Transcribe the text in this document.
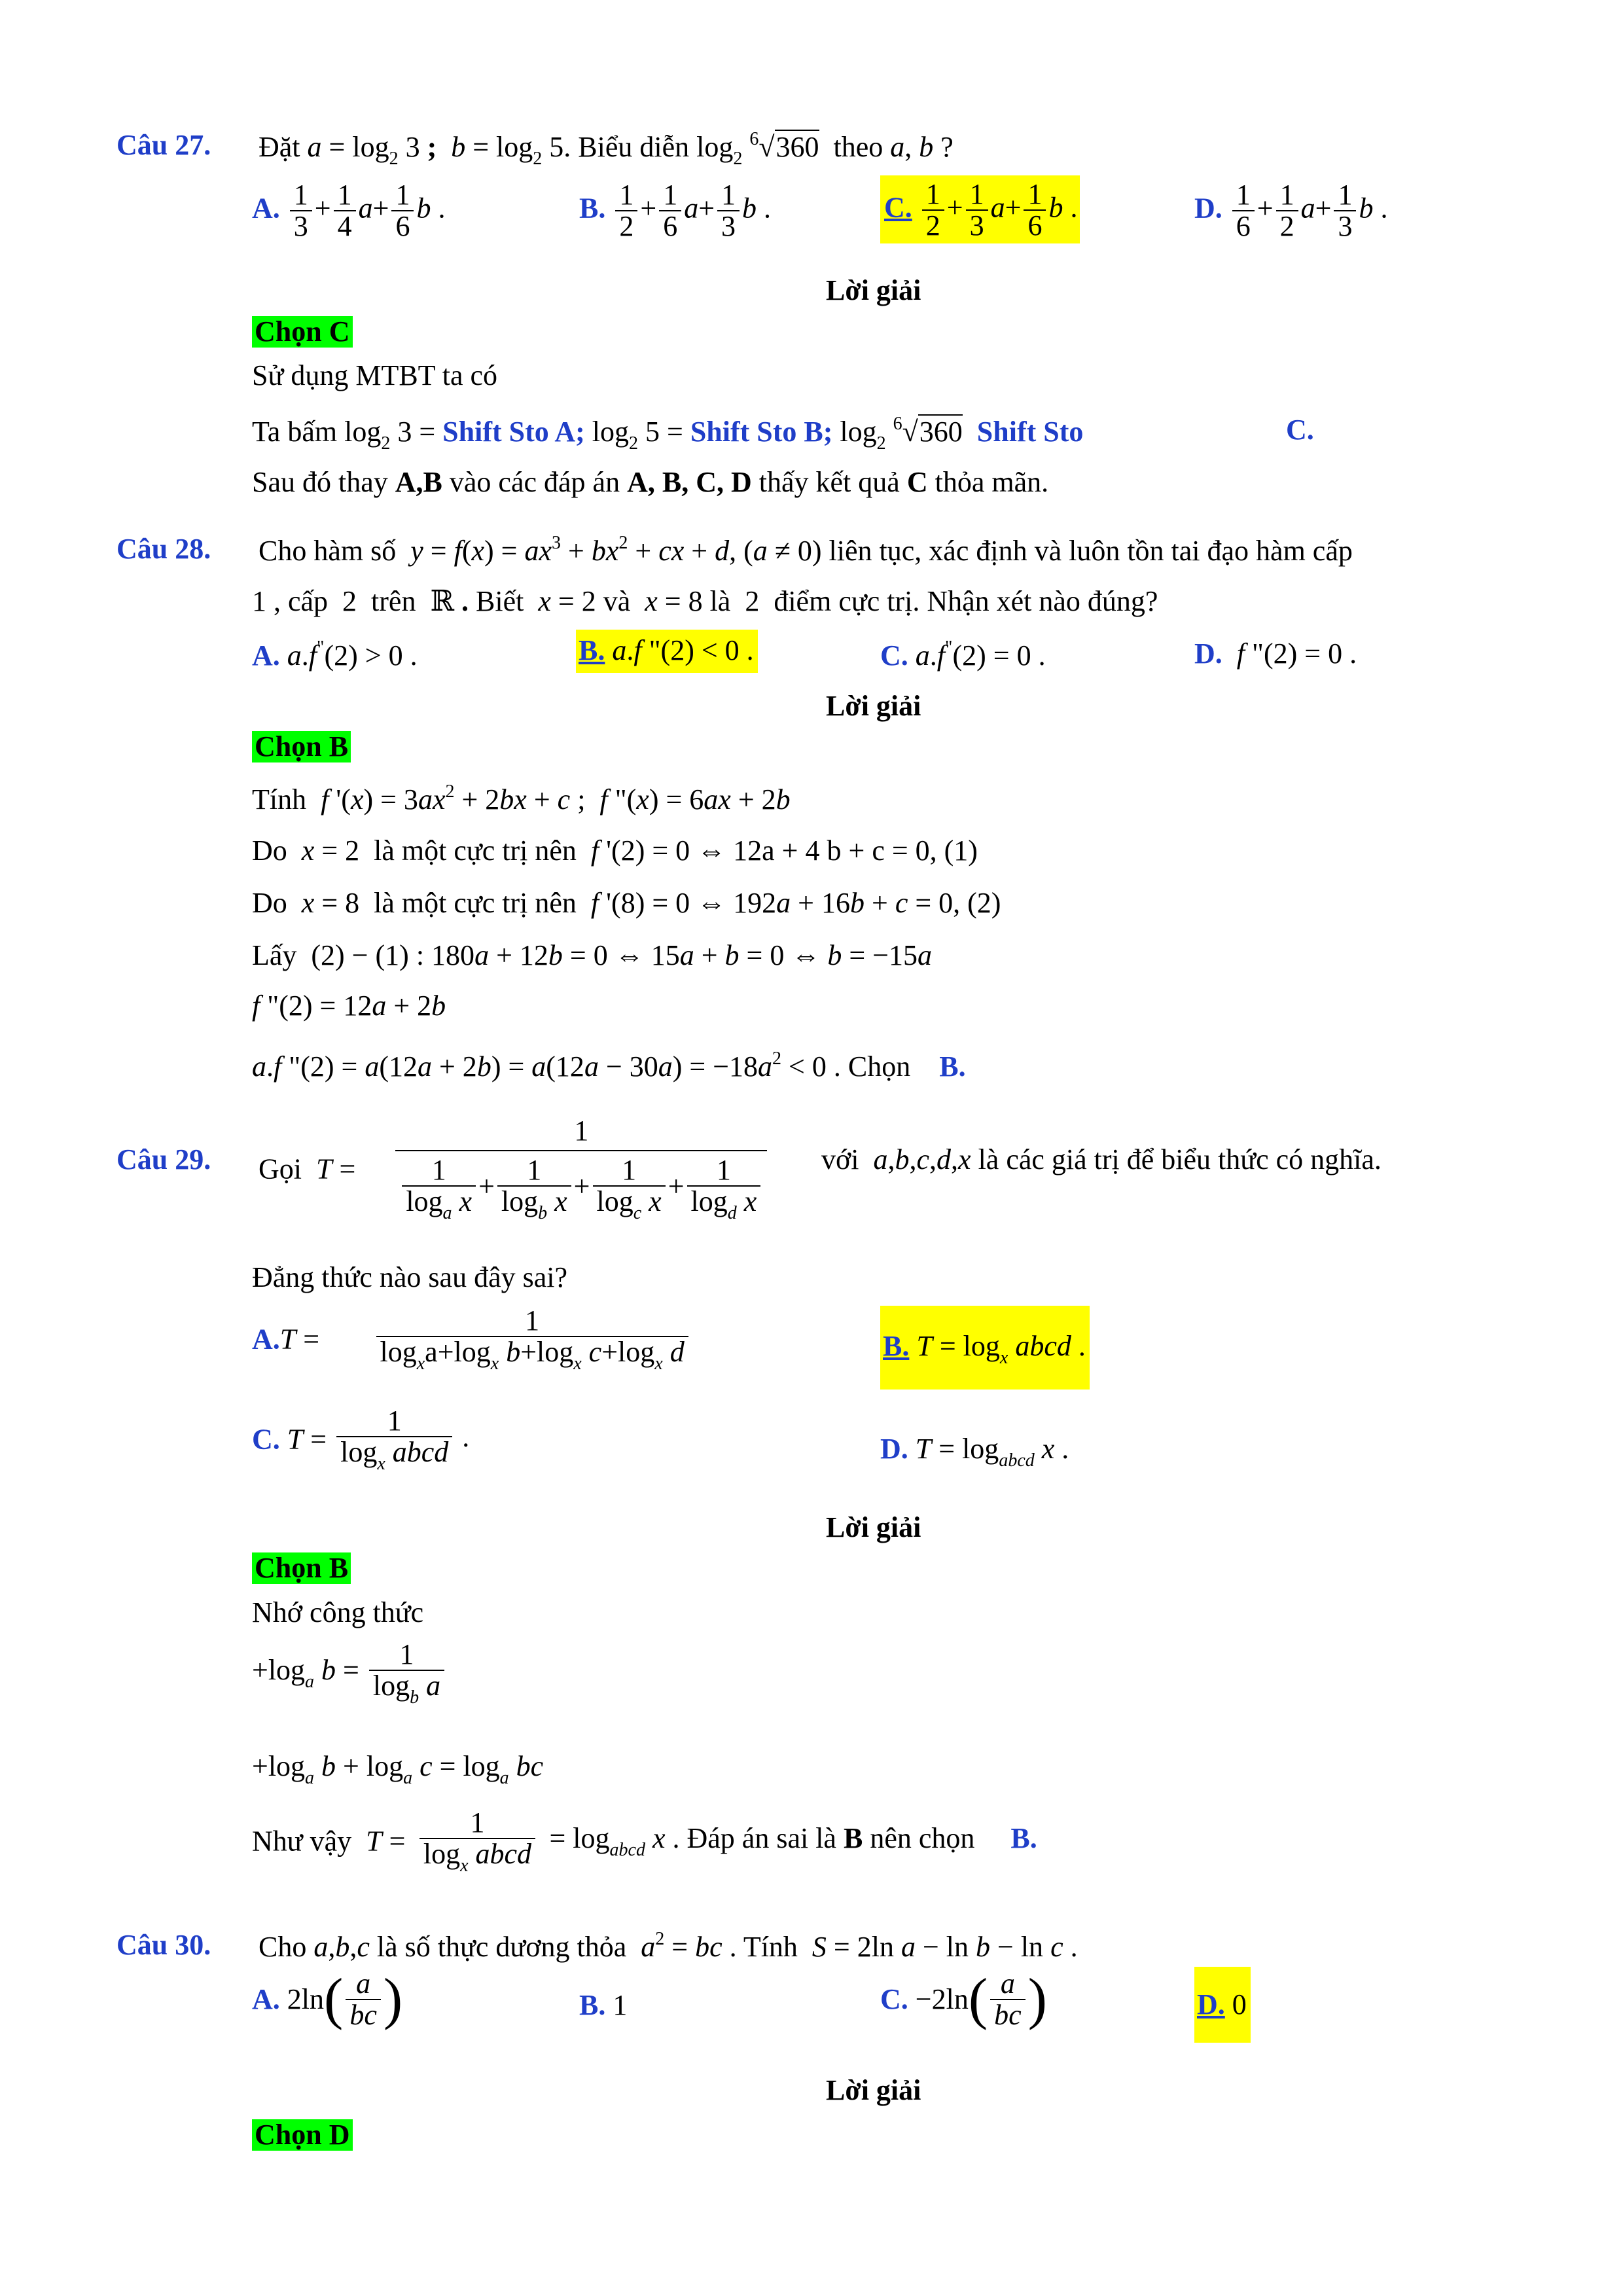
Câu 27. Đặt $a = \log_2 3$ ; $b = \log_2 5$. Biểu diễn $\log_2 ^6√360$  theo a, b ?
A. $\frac{1}{3} + \frac{1}{4} a+ \frac{1}{6}$ b .	B. $\frac{1}{2} + \frac{1}{6} a+ \frac{1}{3}$ b .	C. $\frac{1}{2} + \frac{1}{3} a+ \frac{1}{6}$ b .	D. $\frac{1}{6} + \frac{1}{2} a+ \frac{1}{3}$ b .
Lời giải
Chọn C
Sử dụng MTBT ta có
Ta bấm $\log_2 3$ = Shift Sto A; $\log_2 5$ = Shift Sto B; $\log_2 ^6√360$ Shift Sto	C.
Sau đó thay A,B vào các đáp án A, B, C, D thấy kết quả C thỏa mãn.
Câu 28. Cho hàm số  $y = f(x) = ax^3 + bx^2$ + cx + d, (a ≠ 0) liên tục, xác định và luôn tồn tai đạo hàm cấp
1 , cấp  2  trên  ℝ . Biết  x = 2 và  x = 8 là  2  điểm cực trị. Nhận xét nào đúng?
A. a.f"(2) > 0 .	B. a.f "(2) < 0 .	C. a.f"(2) = 0 .	D. f "(2) = 0 .
Lời giải
Chọn B
Tính  f '$(x) = 3ax^2 + 2bx + c$ ;  f "(x) = 6ax + 2b
Do  x = 2  là một cực trị nên  f '(2) = 0 ⇔ 12a + 4 b + c = 0, (1)
Do  x = 8  là một cực trị nên  f '(8) = 0 ⇔ 192a + 16b + c = 0, (2)
Lấy  (2) − (1) : 180a + 12b = 0 ⇔ 15a + b = 0 ⇔ b = −15a
f "(2) = 12a + 2b
a.f "$(2) = a(12a + 2b) = a(12a - 30a) = -18a^2 < 0$ . Chọn    B.
Câu 29. Gọi  $T = \frac{1}{\frac{1}{\log_a x} + \frac{1}{\log_b x} + \frac{1}{\log_c x} + \frac{1}{\log_d x}}$ với  a,b,c,d,x là các giá trị để biểu thức có nghĩa.
Đẳng thức nào sau đây sai?
$A.T = \frac{1}{\log_xa+\log_x b+\log_x c+\log_x d}$	B. $T = \log_x$ abcd .
C. $T = \frac{1}{\log_x abcd}$ .	D. $T = \log_{abcd} x$ .
Lời giải
Chọn B
Nhớ công thức
$+\log_a$ $b = \frac{1}{\log_b a}$
$+\log_a$ $b + \log_a c = \log_a$ bc
Như vậy  $T = \frac{1}{\log_x abcd} = \log_{abcd} x$ . Đáp án sai là B nên chọn B.
Câu 30. Cho a,b,c là số thực dương thỏa  $a^2$ = bc . Tính  S = 2ln a − ln b − ln c .
A. $2\ln( \frac{a}{bc}$ )	B. 1	C. $-2\ln( \frac{a}{bc}$ )	D. 0
Lời giải
Chọn D
